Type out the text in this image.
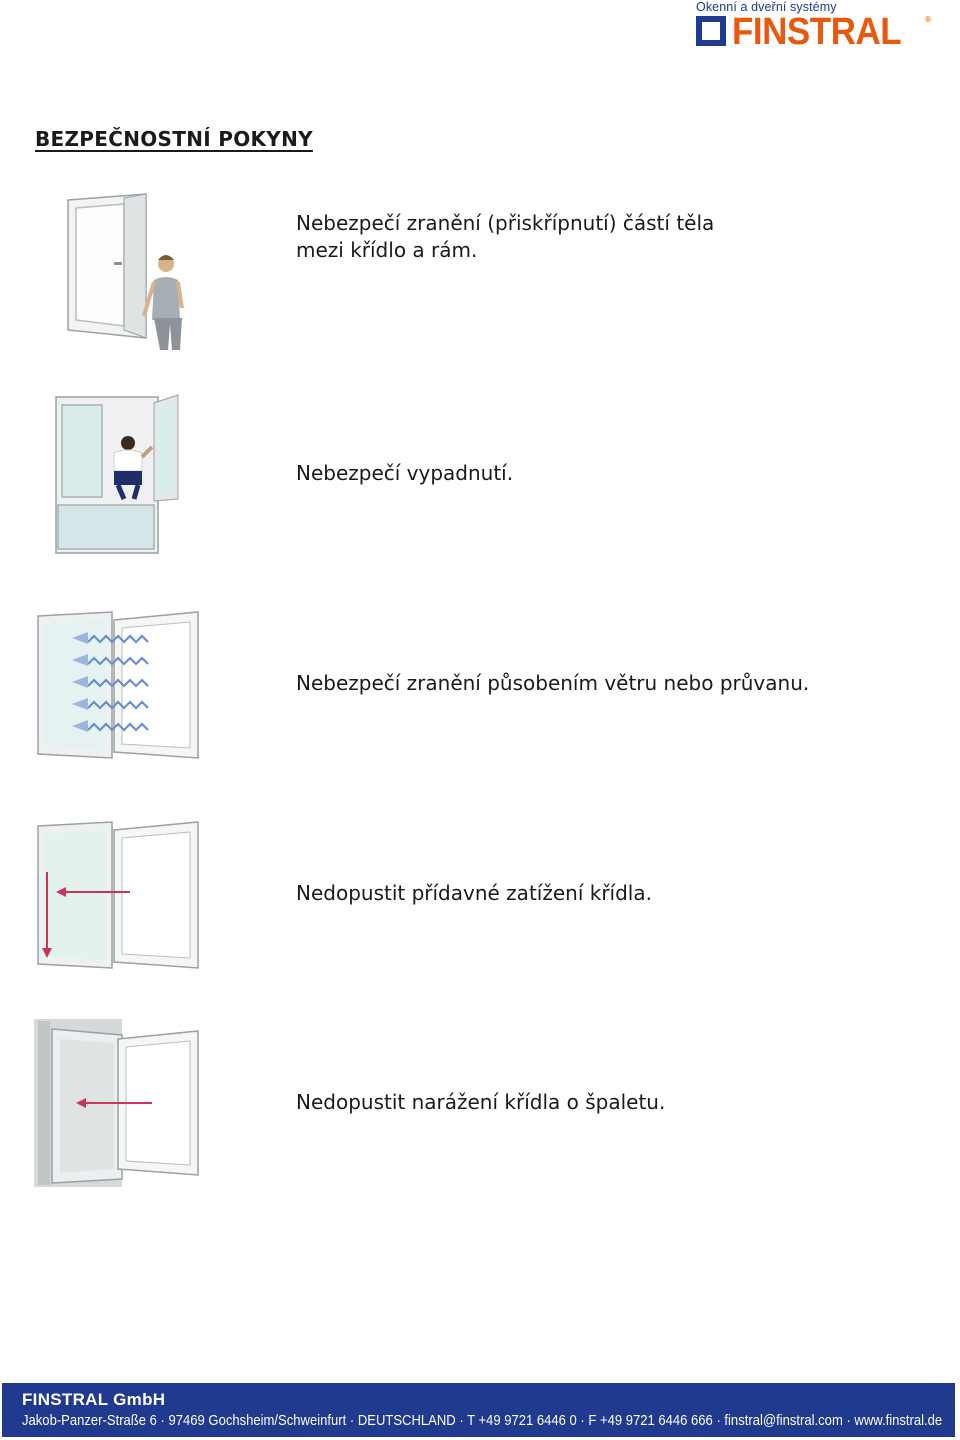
Okenní a dveřní systémy
FINSTRAL	®
BEZPEČNOSTNÍ POKYNY

Nebezpečí zranění (přiskřípnutí) částí těla
mezi křídlo a rám.

Nebezpečí vypadnutí.

Nebezpečí zranění působením větru nebo průvanu.

Nedopustit přídavné zatížení křídla.

Nedopustit narážení křídla o špaletu.

FINSTRAL GmbH
Jakob-Panzer-Straße 6 · 97469 Gochsheim/Schweinfurt · DEUTSCHLAND · T +49 9721 6446 0 · F +49 9721 6446 666 · finstral@finstral.com · www.finstral.de
